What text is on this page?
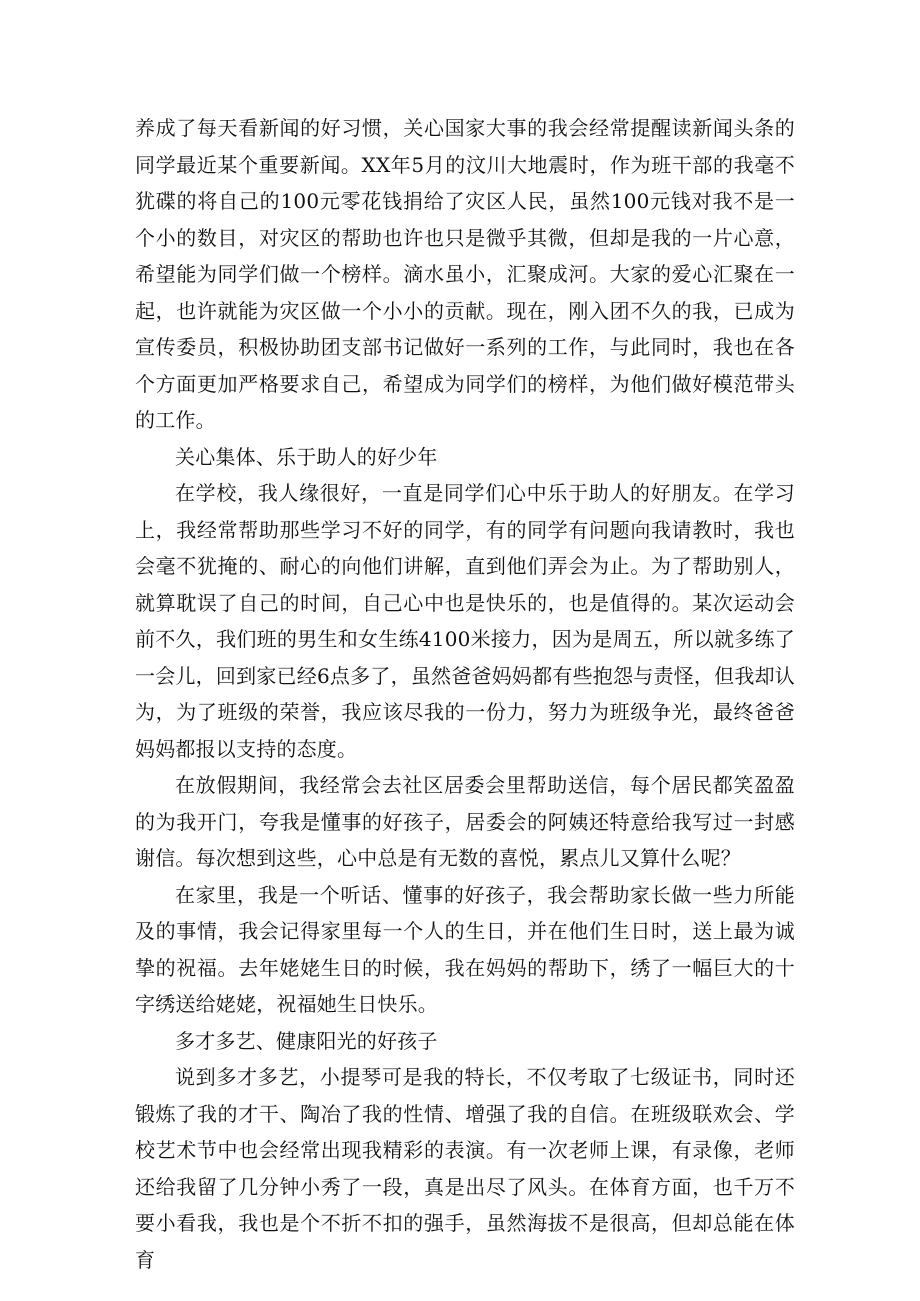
养成了每天看新闻的好习惯，关心国家大事的我会经常提醒读新闻头条的同学最近某个重要新闻。XX年5月的汶川大地震时，作为班干部的我毫不犹碟的将自己的100元零花钱捐给了灾区人民，虽然100元钱对我不是一个小的数目，对灾区的帮助也许也只是微乎其微，但却是我的一片心意，希望能为同学们做一个榜样。滴水虽小，汇聚成河。大家的爱心汇聚在一起，也许就能为灾区做一个小小的贡献。现在，刚入团不久的我，已成为宣传委员，积极协助团支部书记做好一系列的工作，与此同时，我也在各个方面更加严格要求自己，希望成为同学们的榜样，为他们做好模范带头的工作。

关心集体、乐于助人的好少年

在学校，我人缘很好，一直是同学们心中乐于助人的好朋友。在学习上，我经常帮助那些学习不好的同学，有的同学有问题向我请教时，我也会毫不犹掩的、耐心的向他们讲解，直到他们弄会为止。为了帮助别人，就算耽误了自己的时间，自己心中也是快乐的，也是值得的。某次运动会前不久，我们班的男生和女生练4100米接力，因为是周五，所以就多练了一会儿，回到家已经6点多了，虽然爸爸妈妈都有些抱怨与责怪，但我却认为，为了班级的荣誉，我应该尽我的一份力，努力为班级争光，最终爸爸妈妈都报以支持的态度。

在放假期间，我经常会去社区居委会里帮助送信，每个居民都笑盈盈的为我开门，夸我是懂事的好孩子，居委会的阿姨还特意给我写过一封感谢信。每次想到这些，心中总是有无数的喜悦，累点儿又算什么呢？

在家里，我是一个听话、懂事的好孩子，我会帮助家长做一些力所能及的事情，我会记得家里每一个人的生日，并在他们生日时，送上最为诚挚的祝福。去年姥姥生日的时候，我在妈妈的帮助下，绣了一幅巨大的十字绣送给姥姥，祝福她生日快乐。

多才多艺、健康阳光的好孩子

说到多才多艺，小提琴可是我的特长，不仅考取了七级证书，同时还锻炼了我的才干、陶冶了我的性情、增强了我的自信。在班级联欢会、学校艺术节中也会经常出现我精彩的表演。有一次老师上课，有录像，老师还给我留了几分钟小秀了一段，真是出尽了风头。在体育方面，也千万不要小看我，我也是个不折不扣的强手，虽然海拔不是很高，但却总能在体育
